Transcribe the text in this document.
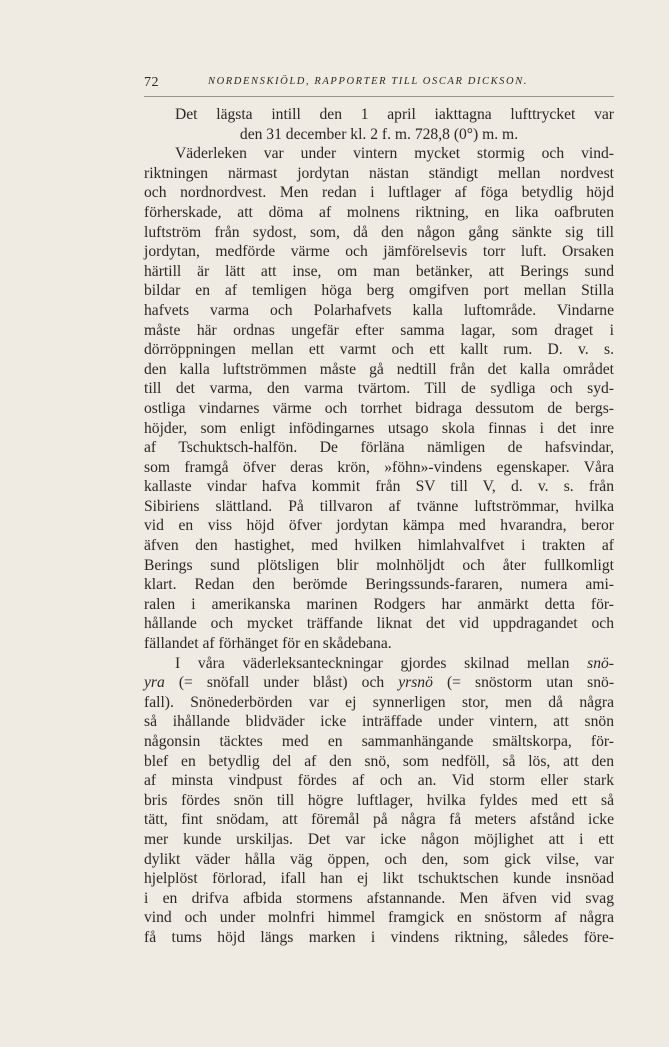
72	NORDENSKIÖLD, RAPPORTER TILL OSCAR DICKSON.
Det lägsta intill den 1 april iakttagna lufttrycket var
den 31 december kl. 2 f. m. 728,8 (0°) m. m.
Väderleken var under vintern mycket stormig och vind-
riktningen närmast jordytan nästan ständigt mellan nordvest
och nordnordvest. Men redan i luftlager af föga betydlig höjd
förherskade, att döma af molnens riktning, en lika oafbruten
luftström från sydost, som, då den någon gång sänkte sig till
jordytan, medförde värme och jämförelsevis torr luft. Orsaken
härtill är lätt att inse, om man betänker, att Berings sund
bildar en af temligen höga berg omgifven port mellan Stilla
hafvets varma och Polarhafvets kalla luftområde. Vindarne
måste här ordnas ungefär efter samma lagar, som draget i
dörröppningen mellan ett varmt och ett kallt rum. D. v. s.
den kalla luftströmmen måste gå nedtill från det kalla området
till det varma, den varma tvärtom. Till de sydliga och syd-
ostliga vindarnes värme och torrhet bidraga dessutom de bergs-
höjder, som enligt infödingarnes utsago skola finnas i det inre
af Tschuktsch-halfön. De förläna nämligen de hafsvindar,
som framgå öfver deras krön, »föhn»-vindens egenskaper. Våra
kallaste vindar hafva kommit från SV till V, d. v. s. från
Sibiriens slättland. På tillvaron af tvänne luftströmmar, hvilka
vid en viss höjd öfver jordytan kämpa med hvarandra, beror
äfven den hastighet, med hvilken himlahvalfvet i trakten af
Berings sund plötsligen blir molnhöljdt och åter fullkomligt
klart. Redan den berömde Beringssunds-fararen, numera ami-
ralen i amerikanska marinen Rodgers har anmärkt detta för-
hållande och mycket träffande liknat det vid uppdragandet och
fällandet af förhänget för en skådebana.
I våra väderleksanteckningar gjordes skilnad mellan snö-
yra (= snöfall under blåst) och yrsnö (= snöstorm utan snö-
fall). Snönederbörden var ej synnerligen stor, men då några
så ihållande blidväder icke inträffade under vintern, att snön
någonsin täcktes med en sammanhängande smältskorpa, för-
blef en betydlig del af den snö, som nedföll, så lös, att den
af minsta vindpust fördes af och an. Vid storm eller stark
bris fördes snön till högre luftlager, hvilka fyldes med ett så
tätt, fint snödam, att föremål på några få meters afstånd icke
mer kunde urskiljas. Det var icke någon möjlighet att i ett
dylikt väder hålla väg öppen, och den, som gick vilse, var
hjelplöst förlorad, ifall han ej likt tschuktschen kunde insnöad
i en drifva afbida stormens afstannande. Men äfven vid svag
vind och under molnfri himmel framgick en snöstorm af några
få tums höjd längs marken i vindens riktning, således före-
